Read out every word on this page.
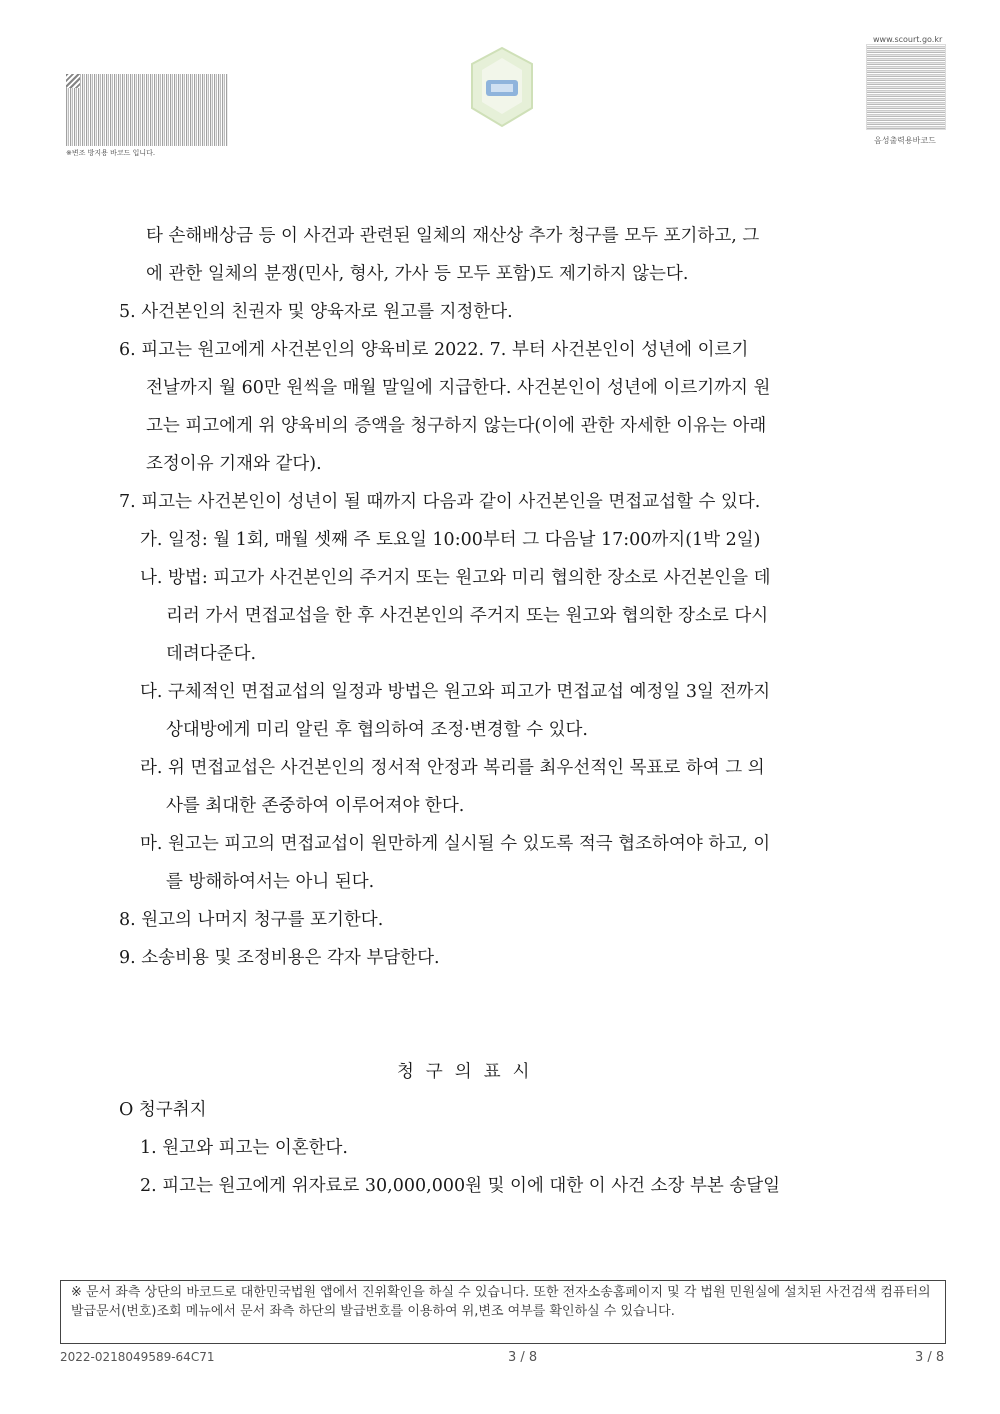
※변조 방지용 바코드 입니다.
www.scourt.go.kr
음성출력용바코드
타 손해배상금 등 이 사건과 관련된 일체의 재산상 추가 청구를 모두 포기하고, 그
에 관한 일체의 분쟁(민사, 형사, 가사 등 모두 포함)도 제기하지 않는다.
5. 사건본인의 친권자 및 양육자로 원고를 지정한다.
6. 피고는 원고에게 사건본인의 양육비로 2022. 7. 부터 사건본인이 성년에 이르기
전날까지 월 60만 원씩을 매월 말일에 지급한다. 사건본인이 성년에 이르기까지 원
고는 피고에게 위 양육비의 증액을 청구하지 않는다(이에 관한 자세한 이유는 아래
조정이유 기재와 같다).
7. 피고는 사건본인이 성년이 될 때까지 다음과 같이 사건본인을 면접교섭할 수 있다.
가. 일정: 월 1회, 매월 셋째 주 토요일 10:00부터 그 다음날 17:00까지(1박 2일)
나. 방법: 피고가 사건본인의 주거지 또는 원고와 미리 협의한 장소로 사건본인을 데
리러 가서 면접교섭을 한 후 사건본인의 주거지 또는 원고와 협의한 장소로 다시
데려다준다.
다. 구체적인 면접교섭의 일정과 방법은 원고와 피고가 면접교섭 예정일 3일 전까지
상대방에게 미리 알린 후 협의하여 조정·변경할 수 있다.
라. 위 면접교섭은 사건본인의 정서적 안정과 복리를 최우선적인 목표로 하여 그 의
사를 최대한 존중하여 이루어져야 한다.
마. 원고는 피고의 면접교섭이 원만하게 실시될 수 있도록 적극 협조하여야 하고, 이
를 방해하여서는 아니 된다.
8. 원고의 나머지 청구를 포기한다.
9. 소송비용 및 조정비용은 각자 부담한다.
청구의표시
O 청구취지
1. 원고와 피고는 이혼한다.
2. 피고는 원고에게 위자료로 30,000,000원 및 이에 대한 이 사건 소장 부본 송달일

※ 문서 좌측 상단의 바코드로 대한민국법원 앱에서 진위확인을 하실 수 있습니다. 또한 전자소송홈페이지 및 각 법원 민원실에 설치된 사건검색 컴퓨터의 발급문서(번호)조회 메뉴에서 문서 좌측 하단의 발급번호를 이용하여 위,변조 여부를 확인하실 수 있습니다.

2022-0218049589-64C71	3 / 8	3 / 8
